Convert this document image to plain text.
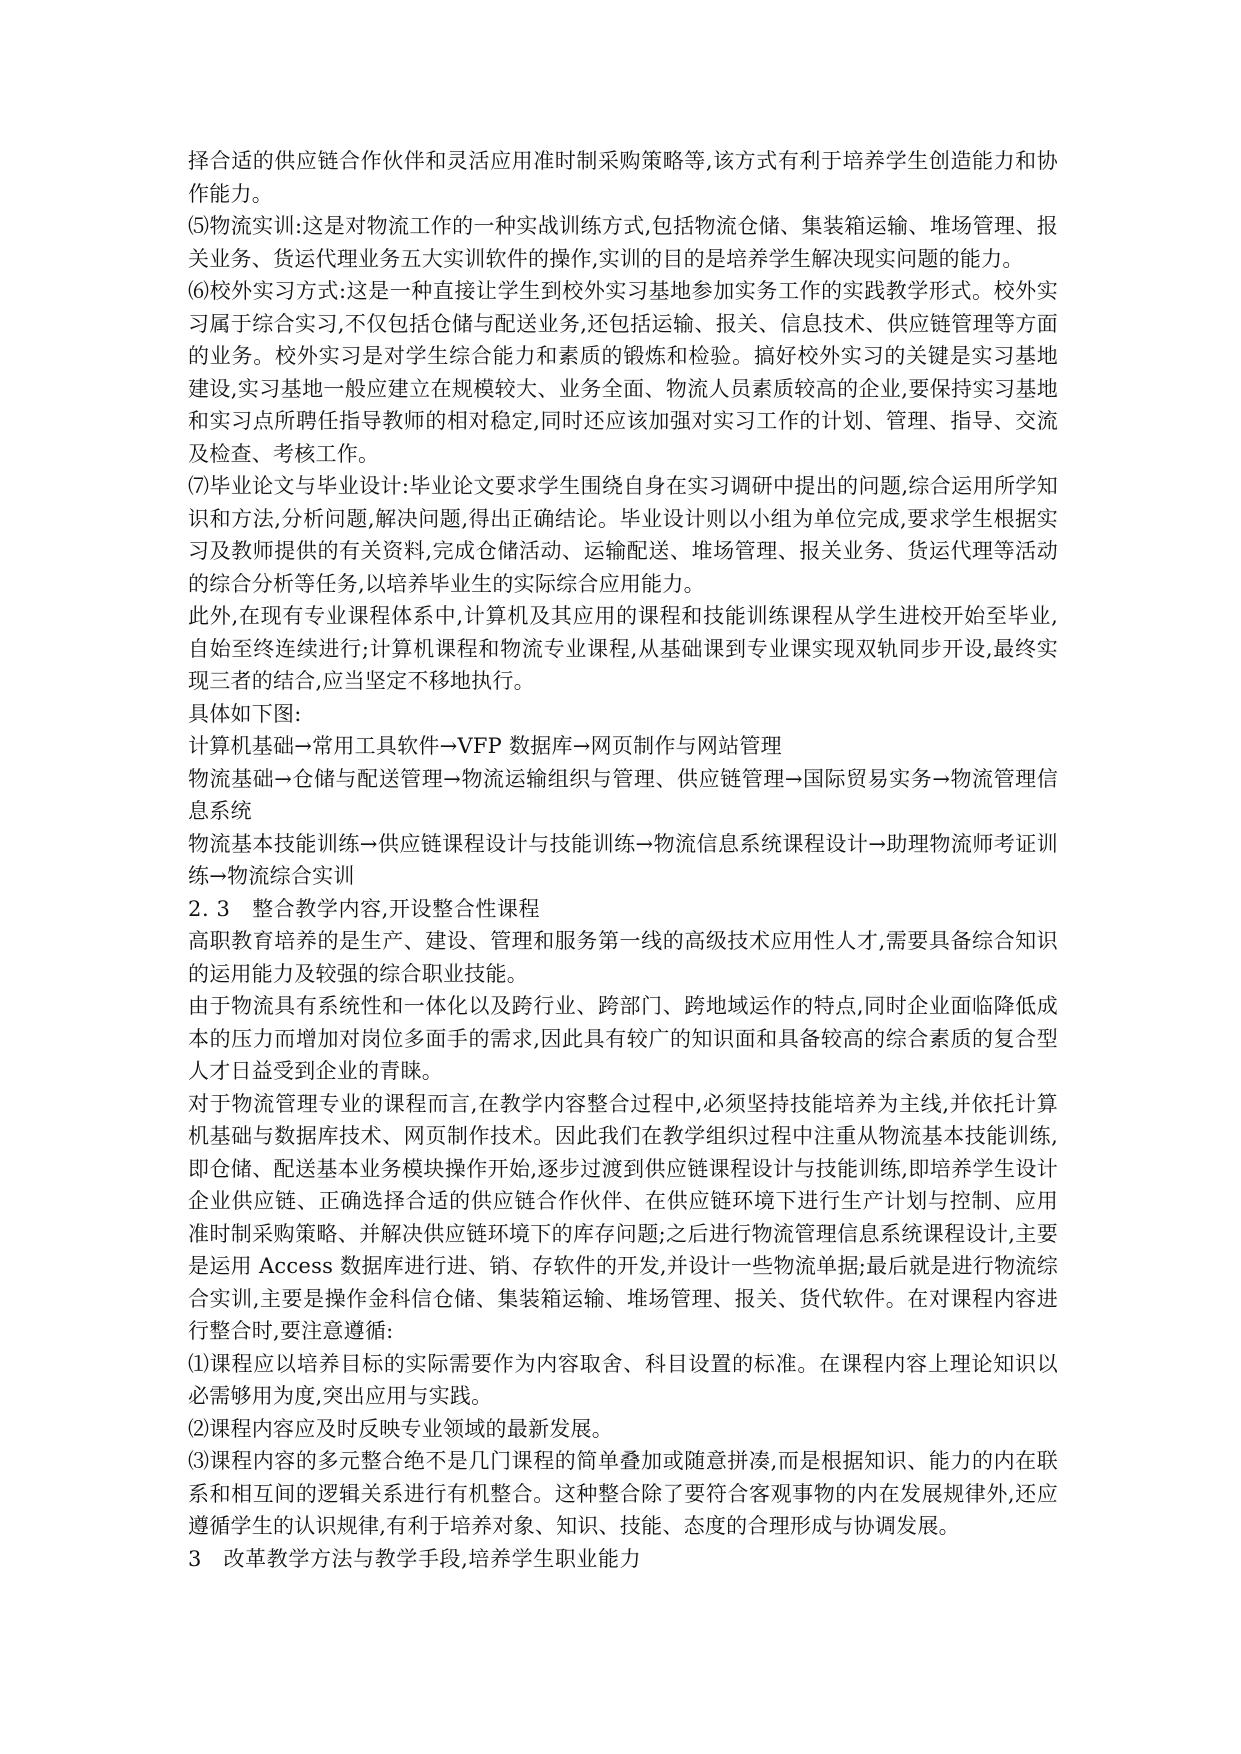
择合适的供应链合作伙伴和灵活应用准时制采购策略等,该方式有利于培养学生创造能力和协作能力。

⑸物流实训:这是对物流工作的一种实战训练方式,包括物流仓储、集装箱运输、堆场管理、报关业务、货运代理业务五大实训软件的操作,实训的目的是培养学生解决现实问题的能力。

⑹校外实习方式:这是一种直接让学生到校外实习基地参加实务工作的实践教学形式。校外实习属于综合实习,不仅包括仓储与配送业务,还包括运输、报关、信息技术、供应链管理等方面的业务。校外实习是对学生综合能力和素质的锻炼和检验。搞好校外实习的关键是实习基地建设,实习基地一般应建立在规模较大、业务全面、物流人员素质较高的企业,要保持实习基地和实习点所聘任指导教师的相对稳定,同时还应该加强对实习工作的计划、管理、指导、交流及检查、考核工作。

⑺毕业论文与毕业设计:毕业论文要求学生围绕自身在实习调研中提出的问题,综合运用所学知识和方法,分析问题,解决问题,得出正确结论。毕业设计则以小组为单位完成,要求学生根据实习及教师提供的有关资料,完成仓储活动、运输配送、堆场管理、报关业务、货运代理等活动的综合分析等任务,以培养毕业生的实际综合应用能力。

此外,在现有专业课程体系中,计算机及其应用的课程和技能训练课程从学生进校开始至毕业,自始至终连续进行;计算机课程和物流专业课程,从基础课到专业课实现双轨同步开设,最终实现三者的结合,应当坚定不移地执行。

具体如下图:

计算机基础→常用工具软件→VFP 数据库→网页制作与网站管理

物流基础→仓储与配送管理→物流运输组织与管理、供应链管理→国际贸易实务→物流管理信息系统

物流基本技能训练→供应链课程设计与技能训练→物流信息系统课程设计→助理物流师考证训练→物流综合实训

2. 3　整合教学内容,开设整合性课程

高职教育培养的是生产、建设、管理和服务第一线的高级技术应用性人才,需要具备综合知识的运用能力及较强的综合职业技能。

由于物流具有系统性和一体化以及跨行业、跨部门、跨地域运作的特点,同时企业面临降低成本的压力而增加对岗位多面手的需求,因此具有较广的知识面和具备较高的综合素质的复合型人才日益受到企业的青睐。

对于物流管理专业的课程而言,在教学内容整合过程中,必须坚持技能培养为主线,并依托计算机基础与数据库技术、网页制作技术。因此我们在教学组织过程中注重从物流基本技能训练,即仓储、配送基本业务模块操作开始,逐步过渡到供应链课程设计与技能训练,即培养学生设计企业供应链、正确选择合适的供应链合作伙伴、在供应链环境下进行生产计划与控制、应用准时制采购策略、并解决供应链环境下的库存问题;之后进行物流管理信息系统课程设计,主要是运用 Access 数据库进行进、销、存软件的开发,并设计一些物流单据;最后就是进行物流综合实训,主要是操作金科信仓储、集装箱运输、堆场管理、报关、货代软件。在对课程内容进行整合时,要注意遵循:

⑴课程应以培养目标的实际需要作为内容取舍、科目设置的标准。在课程内容上理论知识以必需够用为度,突出应用与实践。

⑵课程内容应及时反映专业领域的最新发展。

⑶课程内容的多元整合绝不是几门课程的简单叠加或随意拼凑,而是根据知识、能力的内在联系和相互间的逻辑关系进行有机整合。这种整合除了要符合客观事物的内在发展规律外,还应遵循学生的认识规律,有利于培养对象、知识、技能、态度的合理形成与协调发展。

3　改革教学方法与教学手段,培养学生职业能力
